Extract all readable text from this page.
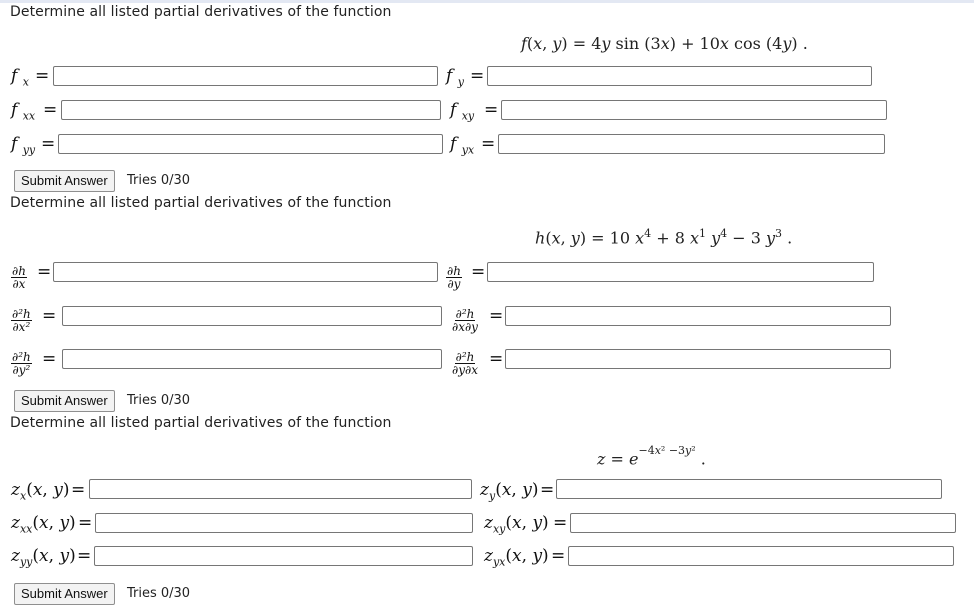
Determine all listed partial derivatives of the function
f(x, y) = 4y sin (3x) + 10x cos (4y) .
f $_x$ =	f $_y$ =
f $_{xx}$ =	f $_{xy}$ =
f $_{yy}$ =	f $_{yx}$ =
Submit Answer	Tries 0/30
Determine all listed partial derivatives of the function
h(x, y) = 10 $x^4 + 8$ $x^1$ $y^4 - 3$ $y^3$ .
$\frac{\partial h}{\partial x}$ =	$\frac{\partial h}{\partial y}$ =
$\frac{\text{∂²h}}{\text{∂x²}}$ =	$\frac{\text{∂²h}}{\partial x\partial y}$ =
$\frac{\text{∂²h}}{\text{∂y²}}$ =	$\frac{\text{∂²h}}{\partial y\partial x}$ =
Submit Answer	Tries 0/30
Determine all listed partial derivatives of the function
$z = e^{-4x^2 -3y^2}$ .
$z_x(x$, y) =	$z_y(x$, y) =
$z_{xx}(x$, y) =	$z_{xy}(x$, y) =
$z_{yy}(x$, y) =	$z_{yx}(x$, y) =
Submit Answer	Tries 0/30
